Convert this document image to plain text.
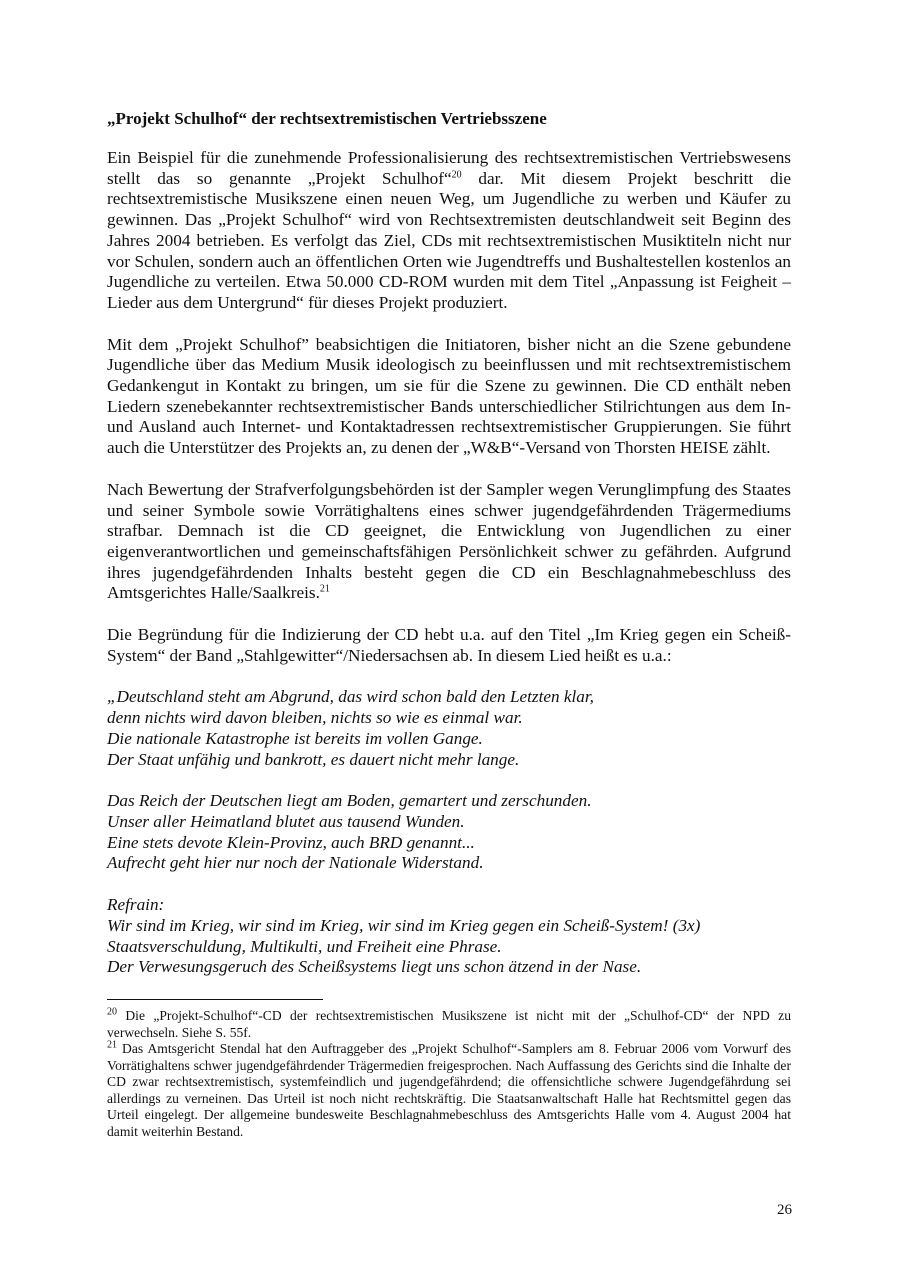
„Projekt Schulhof“ der rechtsextremistischen Vertriebsszene

Ein Beispiel für die zunehmende Professionalisierung des rechtsextremistischen Vertriebswesens stellt das so genannte „Projekt Schulhof“$^{20}$ dar. Mit diesem Projekt beschritt die rechtsextremistische Musikszene einen neuen Weg, um Jugendliche zu werben und Käufer zu gewinnen. Das „Projekt Schulhof“ wird von Rechtsextremisten deutschlandweit seit Beginn des Jahres 2004 betrieben. Es verfolgt das Ziel, CDs mit rechtsextremistischen Musiktiteln nicht nur vor Schulen, sondern auch an öffentlichen Orten wie Jugendtreffs und Bushaltestellen kostenlos an Jugendliche zu verteilen. Etwa 50.000 CD-ROM wurden mit dem Titel „Anpassung ist Feigheit – Lieder aus dem Untergrund“ für dieses Projekt produziert.

Mit dem „Projekt Schulhof” beabsichtigen die Initiatoren, bisher nicht an die Szene gebundene Jugendliche über das Medium Musik ideologisch zu beeinflussen und mit rechtsextremistischem Gedankengut in Kontakt zu bringen, um sie für die Szene zu gewinnen. Die CD enthält neben Liedern szenebekannter rechtsextremistischer Bands unterschiedlicher Stilrichtungen aus dem In- und Ausland auch Internet- und Kontaktadressen rechtsextremistischer Gruppierungen. Sie führt auch die Unterstützer des Projekts an, zu denen der „W&B“-Versand von Thorsten HEISE zählt.

Nach Bewertung der Strafverfolgungsbehörden ist der Sampler wegen Verunglimpfung des Staates und seiner Symbole sowie Vorrätighaltens eines schwer jugendgefährdenden Trägermediums strafbar. Demnach ist die CD geeignet, die Entwicklung von Jugendlichen zu einer eigenverantwortlichen und gemeinschaftsfähigen Persönlichkeit schwer zu gefährden. Aufgrund ihres jugendgefährdenden Inhalts besteht gegen die CD ein Beschlagnahmebeschluss des Amtsgerichtes Halle/Saalkreis.$^{21}$

Die Begründung für die Indizierung der CD hebt u.a. auf den Titel „Im Krieg gegen ein Scheiß-System“ der Band „Stahlgewitter“/Niedersachsen ab. In diesem Lied heißt es u.a.:

„Deutschland steht am Abgrund, das wird schon bald den Letzten klar,
denn nichts wird davon bleiben, nichts so wie es einmal war.
Die nationale Katastrophe ist bereits im vollen Gange.
Der Staat unfähig und bankrott, es dauert nicht mehr lange.
Das Reich der Deutschen liegt am Boden, gemartert und zerschunden.
Unser aller Heimatland blutet aus tausend Wunden.
Eine stets devote Klein-Provinz, auch BRD genannt...
Aufrecht geht hier nur noch der Nationale Widerstand.
Refrain:
Wir sind im Krieg, wir sind im Krieg, wir sind im Krieg gegen ein Scheiß-System! (3x)
Staatsverschuldung, Multikulti, und Freiheit eine Phrase.
Der Verwesungsgeruch des Scheißsystems liegt uns schon ätzend in der Nase.

$^{20}$ Die „Projekt-Schulhof“-CD der rechtsextremistischen Musikszene ist nicht mit der „Schulhof-CD“ der NPD zu verwechseln. Siehe S. 55f.

$^{21}$ Das Amtsgericht Stendal hat den Auftraggeber des „Projekt Schulhof“-Samplers am 8. Februar 2006 vom Vorwurf des Vorrätighaltens schwer jugendgefährdender Trägermedien freigesprochen. Nach Auffassung des Gerichts sind die Inhalte der CD zwar rechtsextremistisch, systemfeindlich und jugendgefährdend; die offensichtliche schwere Jugendgefährdung sei allerdings zu verneinen. Das Urteil ist noch nicht rechtskräftig. Die Staatsanwaltschaft Halle hat Rechtsmittel gegen das Urteil eingelegt. Der allgemeine bundesweite Beschlagnahmebeschluss des Amtsgerichts Halle vom 4. August 2004 hat damit weiterhin Bestand.

26
